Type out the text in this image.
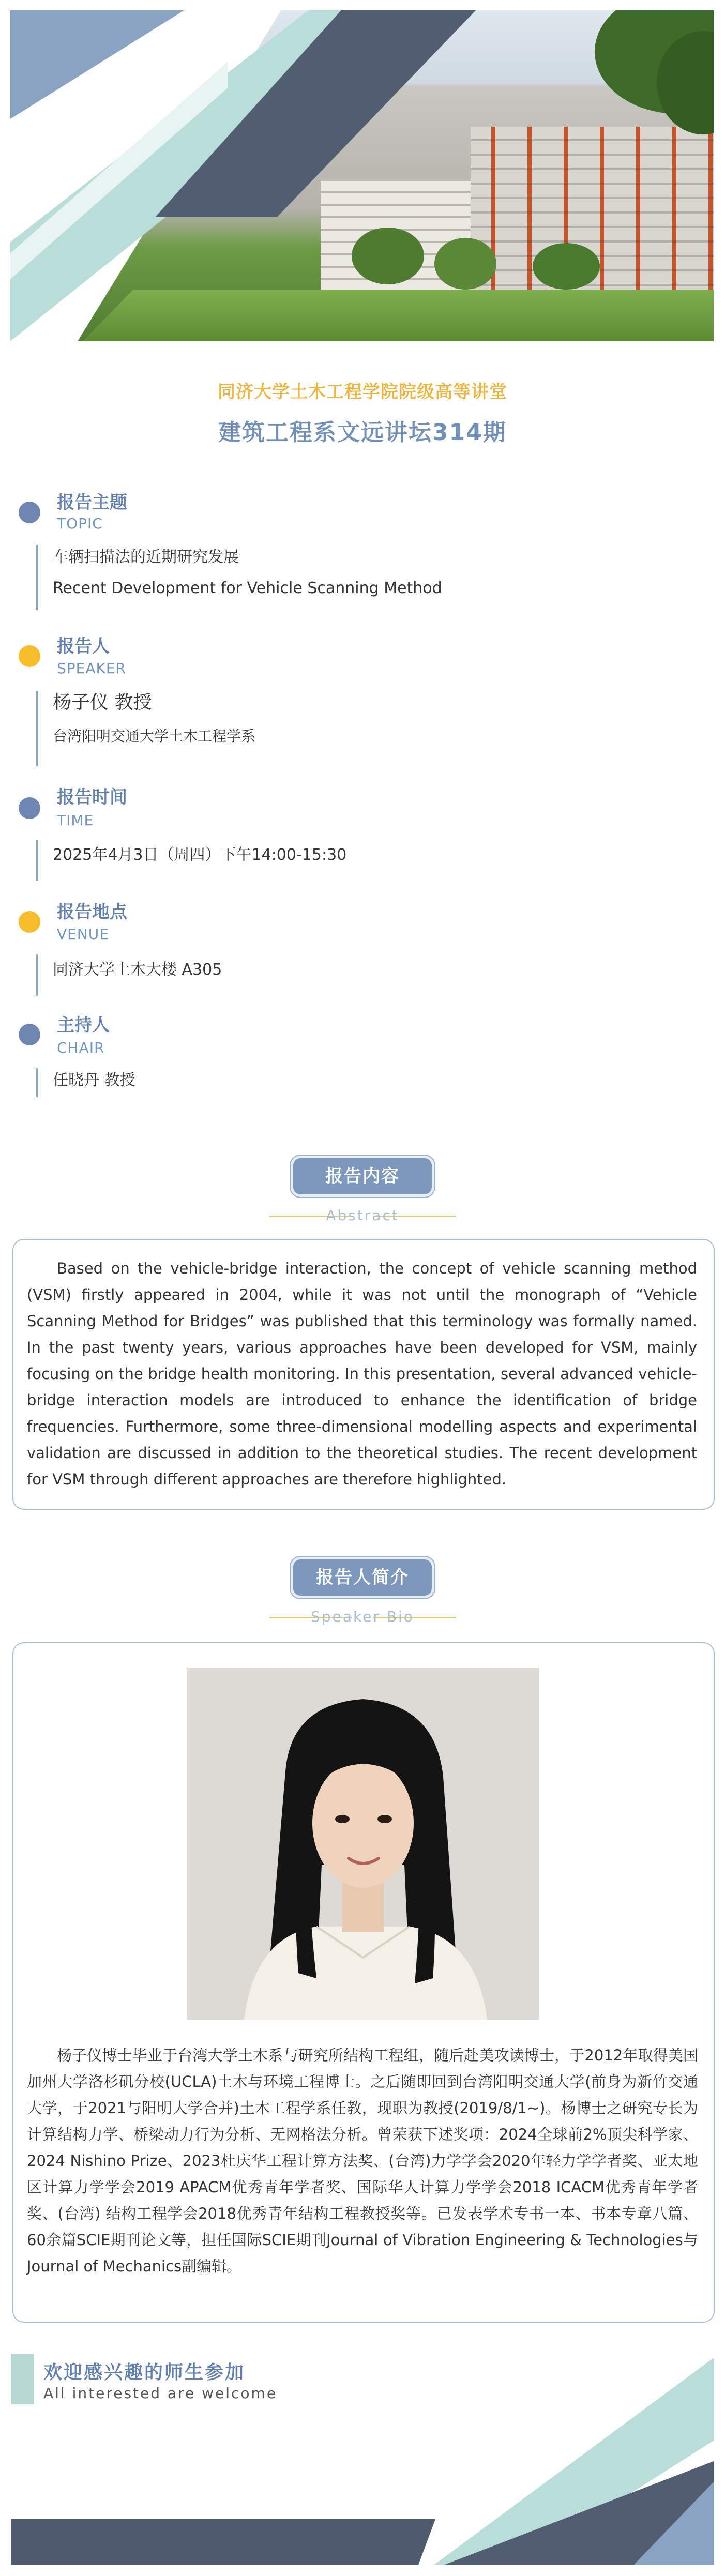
同济大学土木工程学院院级高等讲堂
建筑工程系文远讲坛314期
报告主题
TOPIC
车辆扫描法的近期研究发展
Recent Development for Vehicle Scanning Method
报告人
SPEAKER
杨子仪 教授
台湾阳明交通大学土木工程学系
报告时间
TIME
2025年4月3日（周四）下午14:00-15:30
报告地点
VENUE
同济大学土木大楼 A305
主持人
CHAIR
任晓丹 教授
报告内容
Abstract
Based on the vehicle-bridge interaction, the concept of vehicle scanning method (VSM) firstly appeared in 2004, while it was not until the monograph of “Vehicle Scanning Method for Bridges” was published that this terminology was formally named. In the past twenty years, various approaches have been developed for VSM, mainly focusing on the bridge health monitoring. In this presentation, several advanced vehicle-bridge interaction models are introduced to enhance the identification of bridge frequencies. Furthermore, some three-dimensional modelling aspects and experimental validation are discussed in addition to the theoretical studies. The recent development for VSM through different approaches are therefore highlighted.
报告人简介
Speaker Bio
杨子仪博士毕业于台湾大学土木系与研究所结构工程组，随后赴美攻读博士，于2012年取得美国加州大学洛杉矶分校(UCLA)土木与环境工程博士。之后随即回到台湾阳明交通大学(前身为新竹交通大学，于2021与阳明大学合并)土木工程学系任教，现职为教授(2019/8/1~)。杨博士之研究专长为计算结构力学、桥梁动力行为分析、无网格法分析。曾荣获下述奖项：2024全球前2%顶尖科学家、2024 Nishino Prize、2023杜庆华工程计算方法奖、(台湾)力学学会2020年轻力学学者奖、亚太地区计算力学学会2019 APACM优秀青年学者奖、国际华人计算力学学会2018 ICACM优秀青年学者奖、(台湾) 结构工程学会2018优秀青年结构工程教授奖等。已发表学术专书一本、书本专章八篇、60余篇SCIE期刊论文等，担任国际SCIE期刊Journal of Vibration Engineering & Technologies与Journal of Mechanics副编辑。
欢迎感兴趣的师生参加
All interested are welcome
